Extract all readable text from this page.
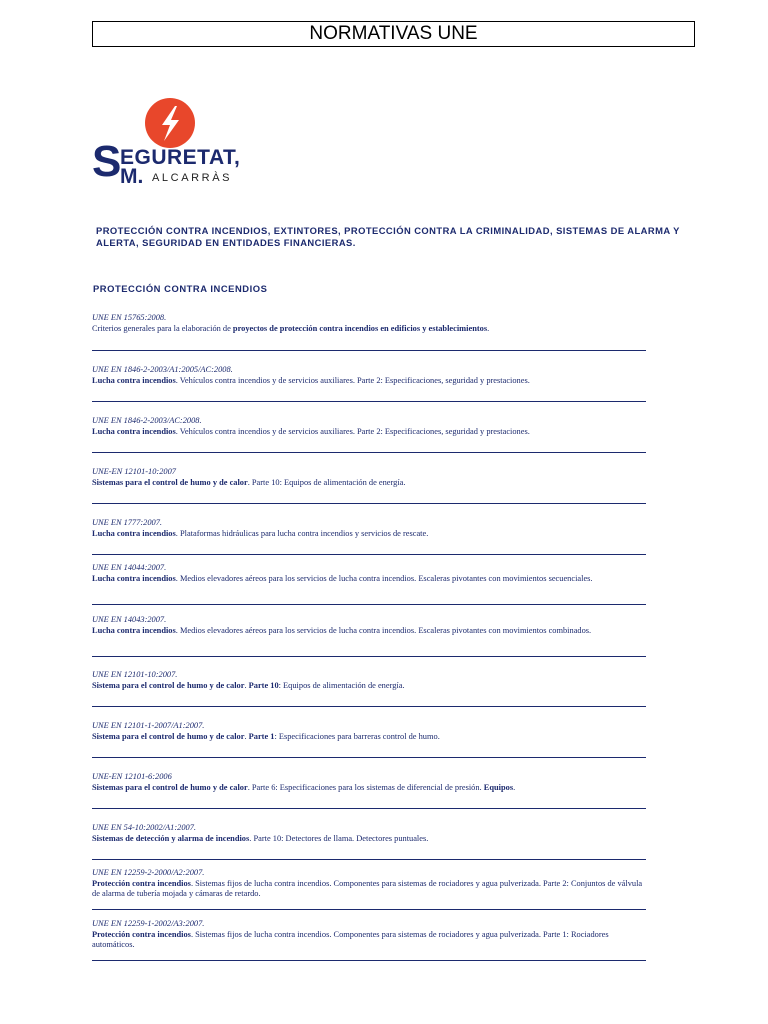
NORMATIVAS UNE
S
EGURETAT,
M. ALCARRÀS
PROTECCIÓN CONTRA INCENDIOS, EXTINTORES, PROTECCIÓN CONTRA LA CRIMINALIDAD, SISTEMAS DE ALARMA Y ALERTA, SEGURIDAD EN ENTIDADES FINANCIERAS.
PROTECCIÓN CONTRA INCENDIOS
UNE EN 15765:2008.
Criterios generales para la elaboración de proyectos de protección contra incendios en edificios y establecimientos.
UNE EN 1846-2-2003/A1:2005/AC:2008.
Lucha contra incendios. Vehículos contra incendios y de servicios auxiliares. Parte 2: Especificaciones, seguridad y prestaciones.
UNE EN 1846-2-2003/AC:2008.
Lucha contra incendios. Vehículos contra incendios y de servicios auxiliares. Parte 2: Especificaciones, seguridad y prestaciones.
UNE-EN 12101-10:2007
Sistemas para el control de humo y de calor. Parte 10: Equipos de alimentación de energía.
UNE EN 1777:2007.
Lucha contra incendios. Plataformas hidráulicas para lucha contra incendios y servicios de rescate.
UNE EN 14044:2007.
Lucha contra incendios. Medios elevadores aéreos para los servicios de lucha contra incendios. Escaleras pivotantes con movimientos secuenciales.
UNE EN 14043:2007.
Lucha contra incendios. Medios elevadores aéreos para los servicios de lucha contra incendios. Escaleras pivotantes con movimientos combinados.
UNE EN 12101-10:2007.
Sistema para el control de humo y de calor. Parte 10: Equipos de alimentación de energía.
UNE EN 12101-1-2007/A1:2007.
Sistema para el control de humo y de calor. Parte 1: Especificaciones para barreras control de humo.
UNE-EN 12101-6:2006
Sistemas para el control de humo y de calor. Parte 6: Especificaciones para los sistemas de diferencial de presión. Equipos.
UNE EN 54-10:2002/A1:2007.
Sistemas de detección y alarma de incendios. Parte 10: Detectores de llama. Detectores puntuales.
UNE EN 12259-2-2000/A2:2007.
Protección contra incendios. Sistemas fijos de lucha contra incendios. Componentes para sistemas de rociadores y agua pulverizada. Parte 2: Conjuntos de válvula de alarma de tubería mojada y cámaras de retardo.
UNE EN 12259-1-2002/A3:2007.
Protección contra incendios. Sistemas fijos de lucha contra incendios. Componentes para sistemas de rociadores y agua pulverizada. Parte 1: Rociadores automáticos.
